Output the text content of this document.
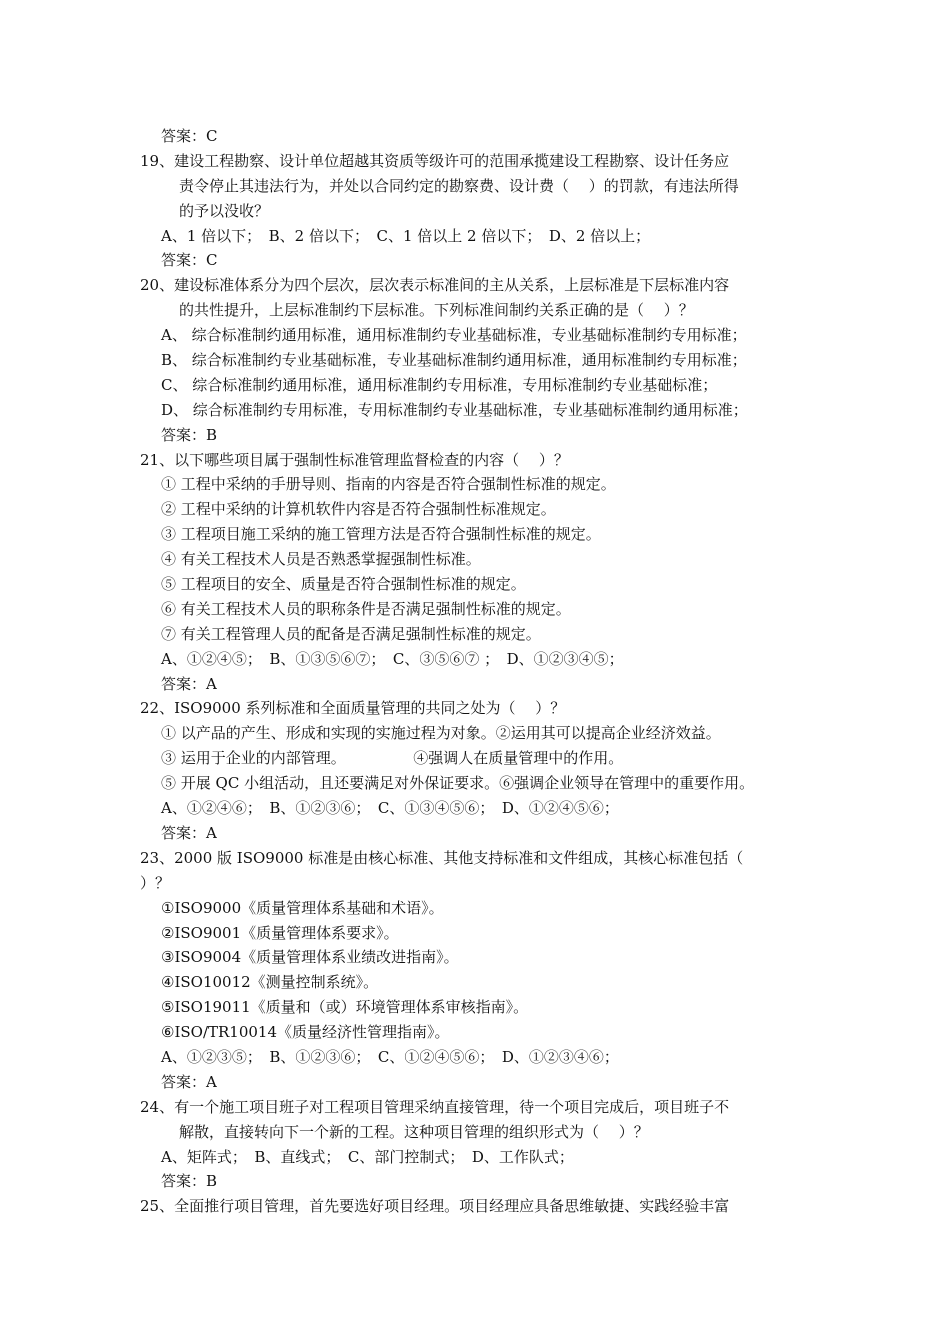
答案：C
19、建设工程勘察、设计单位超越其资质等级许可的范围承揽建设工程勘察、设计任务应
责令停止其违法行为，并处以合同约定的勘察费、设计费（　 ）的罚款，有违法所得
的予以没收？
A、1 倍以下；　B、2 倍以下；　C、1 倍以上 2 倍以下；　D、2 倍以上；
答案：C
20、建设标准体系分为四个层次，层次表示标准间的主从关系，上层标准是下层标准内容
的共性提升，上层标准制约下层标准。下列标准间制约关系正确的是（　 ）？
A、 综合标准制约通用标准，通用标准制约专业基础标准，专业基础标准制约专用标准；
B、 综合标准制约专业基础标准，专业基础标准制约通用标准，通用标准制约专用标准；
C、 综合标准制约通用标准，通用标准制约专用标准，专用标准制约专业基础标准；
D、 综合标准制约专用标准，专用标准制约专业基础标准，专业基础标准制约通用标准；
答案：B
21、以下哪些项目属于强制性标准管理监督检查的内容（　 ）？
① 工程中采纳的手册导则、指南的内容是否符合强制性标准的规定。
② 工程中采纳的计算机软件内容是否符合强制性标准规定。
③ 工程项目施工采纳的施工管理方法是否符合强制性标准的规定。
④ 有关工程技术人员是否熟悉掌握强制性标准。
⑤ 工程项目的安全、质量是否符合强制性标准的规定。
⑥ 有关工程技术人员的职称条件是否满足强制性标准的规定。
⑦ 有关工程管理人员的配备是否满足强制性标准的规定。
A、①②④⑤；　B、①③⑤⑥⑦；　C、③⑤⑥⑦ ；　D、①②③④⑤；
答案：A
22、ISO9000 系列标准和全面质量管理的共同之处为（　 ）？
① 以产品的产生、形成和实现的实施过程为对象。②运用其可以提高企业经济效益。
③ 运用于企业的内部管理。　　　　　④强调人在质量管理中的作用。
⑤ 开展 QC 小组活动，且还要满足对外保证要求。⑥强调企业领导在管理中的重要作用。
A、①②④⑥；　B、①②③⑥；　C、①③④⑤⑥；　D、①②④⑤⑥；
答案：A
23、2000 版 ISO9000 标准是由核心标准、其他支持标准和文件组成，其核心标准包括（
）？
①ISO9000《质量管理体系基础和术语》。
②ISO9001《质量管理体系要求》。
③ISO9004《质量管理体系业绩改进指南》。
④ISO10012《测量控制系统》。
⑤ISO19011《质量和（或）环境管理体系审核指南》。
⑥ISO/TR10014《质量经济性管理指南》。
A、①②③⑤；　B、①②③⑥；　C、①②④⑤⑥；　D、①②③④⑥；
答案：A
24、有一个施工项目班子对工程项目管理采纳直接管理，待一个项目完成后，项目班子不
解散，直接转向下一个新的工程。这种项目管理的组织形式为（　 ）？
A、矩阵式；　B、直线式；　C、部门控制式；　D、工作队式；
答案：B
25、全面推行项目管理，首先要选好项目经理。项目经理应具备思维敏捷、实践经验丰富
